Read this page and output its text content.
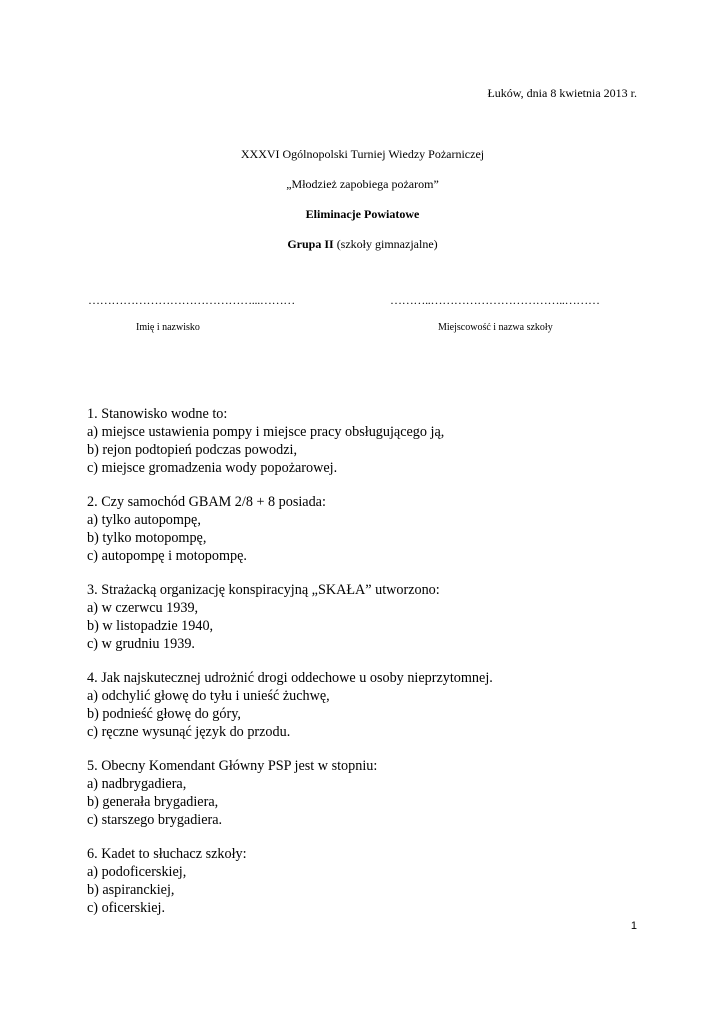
Łuków, dnia 8 kwietnia 2013 r.
XXXVI Ogólnopolski Turniej Wiedzy Pożarniczej
„Młodzież zapobiega pożarom”
Eliminacje Powiatowe
Grupa II (szkoły gimnazjalne)
……………………………………...………	………..……………………………..………
Imię i nazwisko	Miejscowość i nazwa szkoły
1. Stanowisko wodne to:
a) miejsce ustawienia pompy i miejsce pracy obsługującego ją,
b) rejon podtopień podczas powodzi,
c) miejsce gromadzenia wody popożarowej.
2. Czy samochód GBAM 2/8 + 8 posiada:
a) tylko autopompę,
b) tylko motopompę,
c) autopompę i motopompę.
3. Strażacką organizację konspiracyjną „SKAŁA” utworzono:
a) w czerwcu 1939,
b) w listopadzie 1940,
c) w grudniu 1939.
4. Jak najskutecznej udrożnić drogi oddechowe u osoby nieprzytomnej.
a) odchylić głowę do tyłu i unieść żuchwę,
b) podnieść głowę do góry,
c) ręczne wysunąć język do przodu.
5. Obecny Komendant Główny PSP jest w stopniu:
a) nadbrygadiera,
b) generała brygadiera,
c) starszego brygadiera.
6. Kadet to słuchacz szkoły:
a) podoficerskiej,
b) aspiranckiej,
c) oficerskiej.
1
